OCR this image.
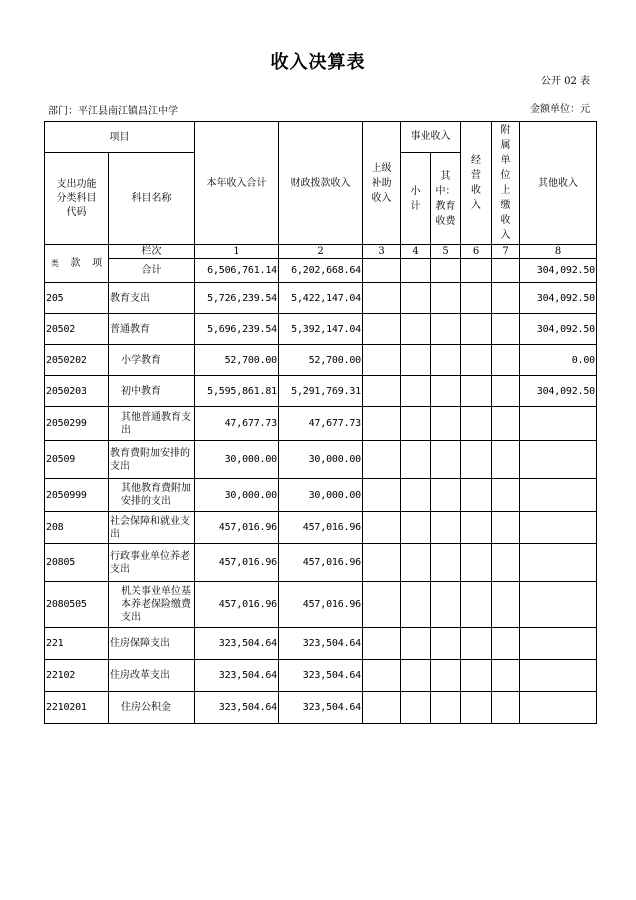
收入决算表
公开 02 表
部门：平江县南江镇昌江中学	金额单位：元
项目		本年收入合计	财政拨款收入	上级补助收入	事业收入		经营收入	附属单位上缴收入	其他收入

支出功能分类科目代码	科目名称				小计	其中：教育收费			

类 款 项	栏次	1	2	3	4	5	6	7	8
	合计	6,506,761.14	6,202,668.64						304,092.50
205	教育支出	5,726,239.54	5,422,147.04						304,092.50
20502	普通教育	5,696,239.54	5,392,147.04						304,092.50
2050202	小学教育	52,700.00	52,700.00						0.00
2050203	初中教育	5,595,861.81	5,291,769.31						304,092.50
2050299	其他普通教育支出	47,677.73	47,677.73						
20509	教育费附加安排的支出	30,000.00	30,000.00						
2050999	其他教育费附加安排的支出	30,000.00	30,000.00						
208	社会保障和就业支出	457,016.96	457,016.96						
20805	行政事业单位养老支出	457,016.96	457,016.96						
2080505	机关事业单位基本养老保险缴费支出	457,016.96	457,016.96						
221	住房保障支出	323,504.64	323,504.64						
22102	住房改革支出	323,504.64	323,504.64						
2210201	住房公积金	323,504.64	323,504.64						
